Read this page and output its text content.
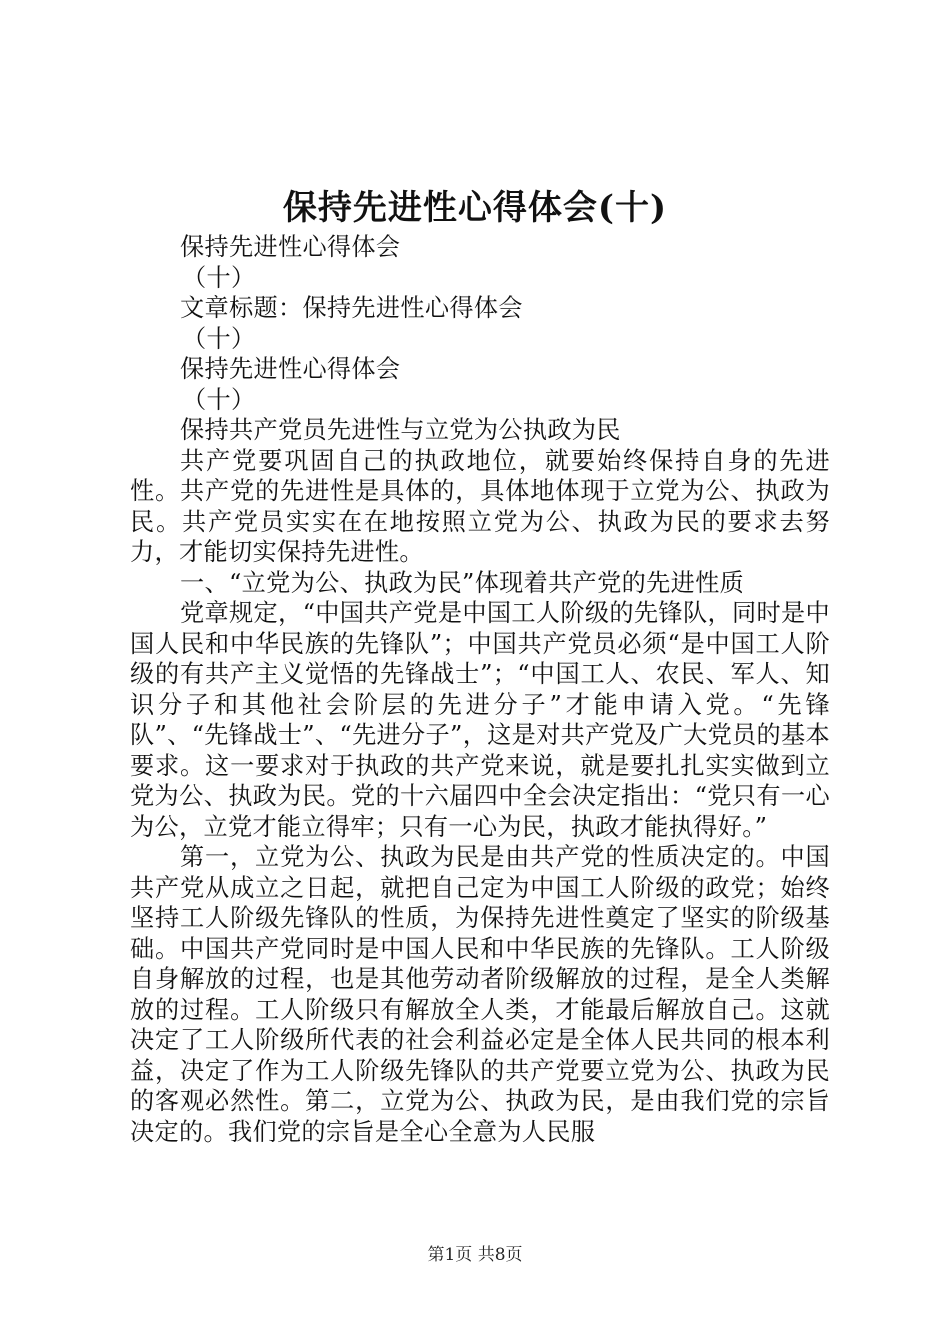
保持先进性心得体会(十)
保持先进性心得体会
（十）
文章标题：保持先进性心得体会
（十）
保持先进性心得体会
（十）
保持共产党员先进性与立党为公执政为民

共产党要巩固自己的执政地位，就要始终保持自身的先进性。共产党的先进性是具体的，具体地体现于立党为公、执政为民。共产党员实实在在地按照立党为公、执政为民的要求去努力，才能切实保持先进性。

一、“立党为公、执政为民”体现着共产党的先进性质

党章规定，“中国共产党是中国工人阶级的先锋队，同时是中国人民和中华民族的先锋队”；中国共产党员必须“是中国工人阶级的有共产主义觉悟的先锋战士”；“中国工人、农民、军人、知识分子和其他社会阶层的先进分子”才能申请入党。“先锋队”、“先锋战士”、“先进分子”，这是对共产党及广大党员的基本要求。这一要求对于执政的共产党来说，就是要扎扎实实做到立党为公、执政为民。党的十六届四中全会决定指出：“党只有一心为公，立党才能立得牢；只有一心为民，执政才能执得好。”

第一，立党为公、执政为民是由共产党的性质决定的。中国共产党从成立之日起，就把自己定为中国工人阶级的政党；始终坚持工人阶级先锋队的性质，为保持先进性奠定了坚实的阶级基础。中国共产党同时是中国人民和中华民族的先锋队。工人阶级自身解放的过程，也是其他劳动者阶级解放的过程，是全人类解放的过程。工人阶级只有解放全人类，才能最后解放自己。这就决定了工人阶级所代表的社会利益必定是全体人民共同的根本利益，决定了作为工人阶级先锋队的共产党要立党为公、执政为民的客观必然性。第二，立党为公、执政为民，是由我们党的宗旨决定的。我们党的宗旨是全心全意为人民服

第1页 共8页
